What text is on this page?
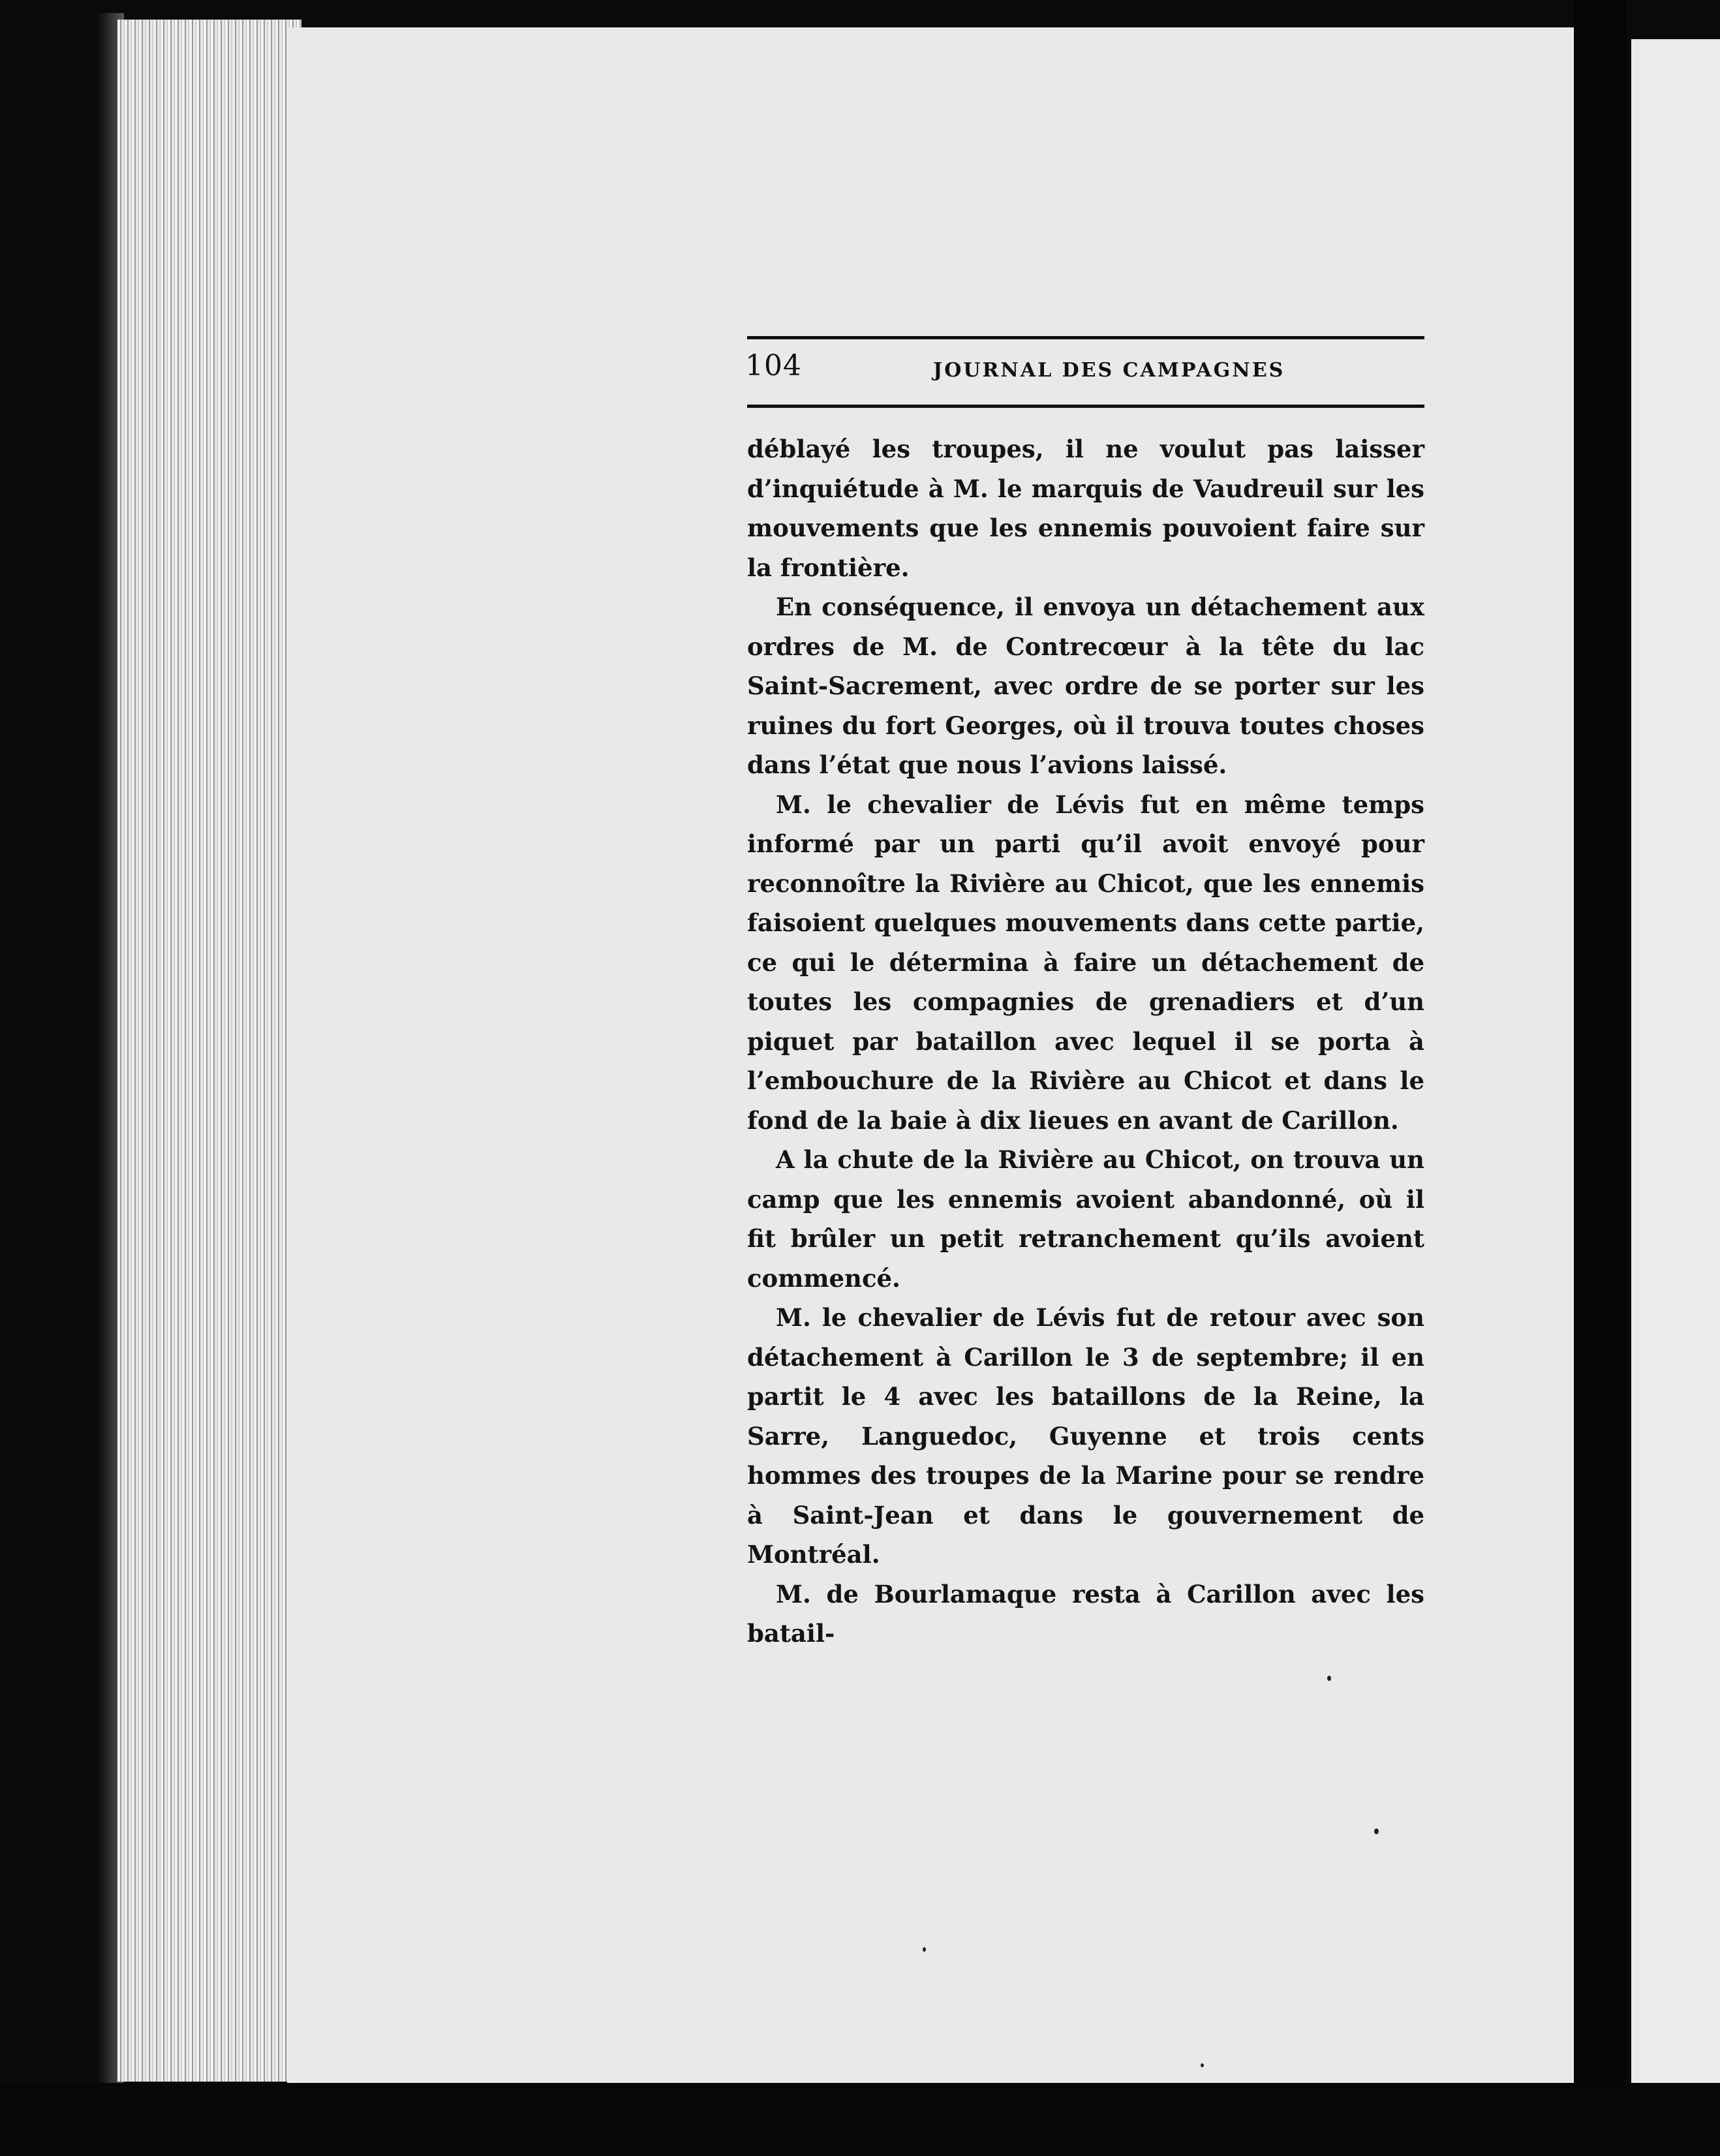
104	JOURNAL DES CAMPAGNES

déblayé les troupes, il ne voulut pas laisser d’inquiétude à M. le marquis de Vaudreuil sur les mouvements que les ennemis pouvoient faire sur la frontière.

En conséquence, il envoya un détachement aux ordres de M. de Contrecœur à la tête du lac Saint-Sacrement, avec ordre de se porter sur les ruines du fort Georges, où il trouva toutes choses dans l’état que nous l’avions laissé.

M. le chevalier de Lévis fut en même temps informé par un parti qu’il avoit envoyé pour reconnoître la Rivière au Chicot, que les ennemis faisoient quelques mouvements dans cette partie, ce qui le détermina à faire un détachement de toutes les compagnies de grenadiers et d’un piquet par bataillon avec lequel il se porta à l’embouchure de la Rivière au Chicot et dans le fond de la baie à dix lieues en avant de Carillon.

A la chute de la Rivière au Chicot, on trouva un camp que les ennemis avoient abandonné, où il fit brûler un petit retranchement qu’ils avoient commencé.

M. le chevalier de Lévis fut de retour avec son détachement à Carillon le 3 de septembre; il en partit le 4 avec les bataillons de la Reine, la Sarre, Languedoc, Guyenne et trois cents hommes des troupes de la Marine pour se rendre à Saint-Jean et dans le gouvernement de Montréal.

M. de Bourlamaque resta à Carillon avec les batail-
